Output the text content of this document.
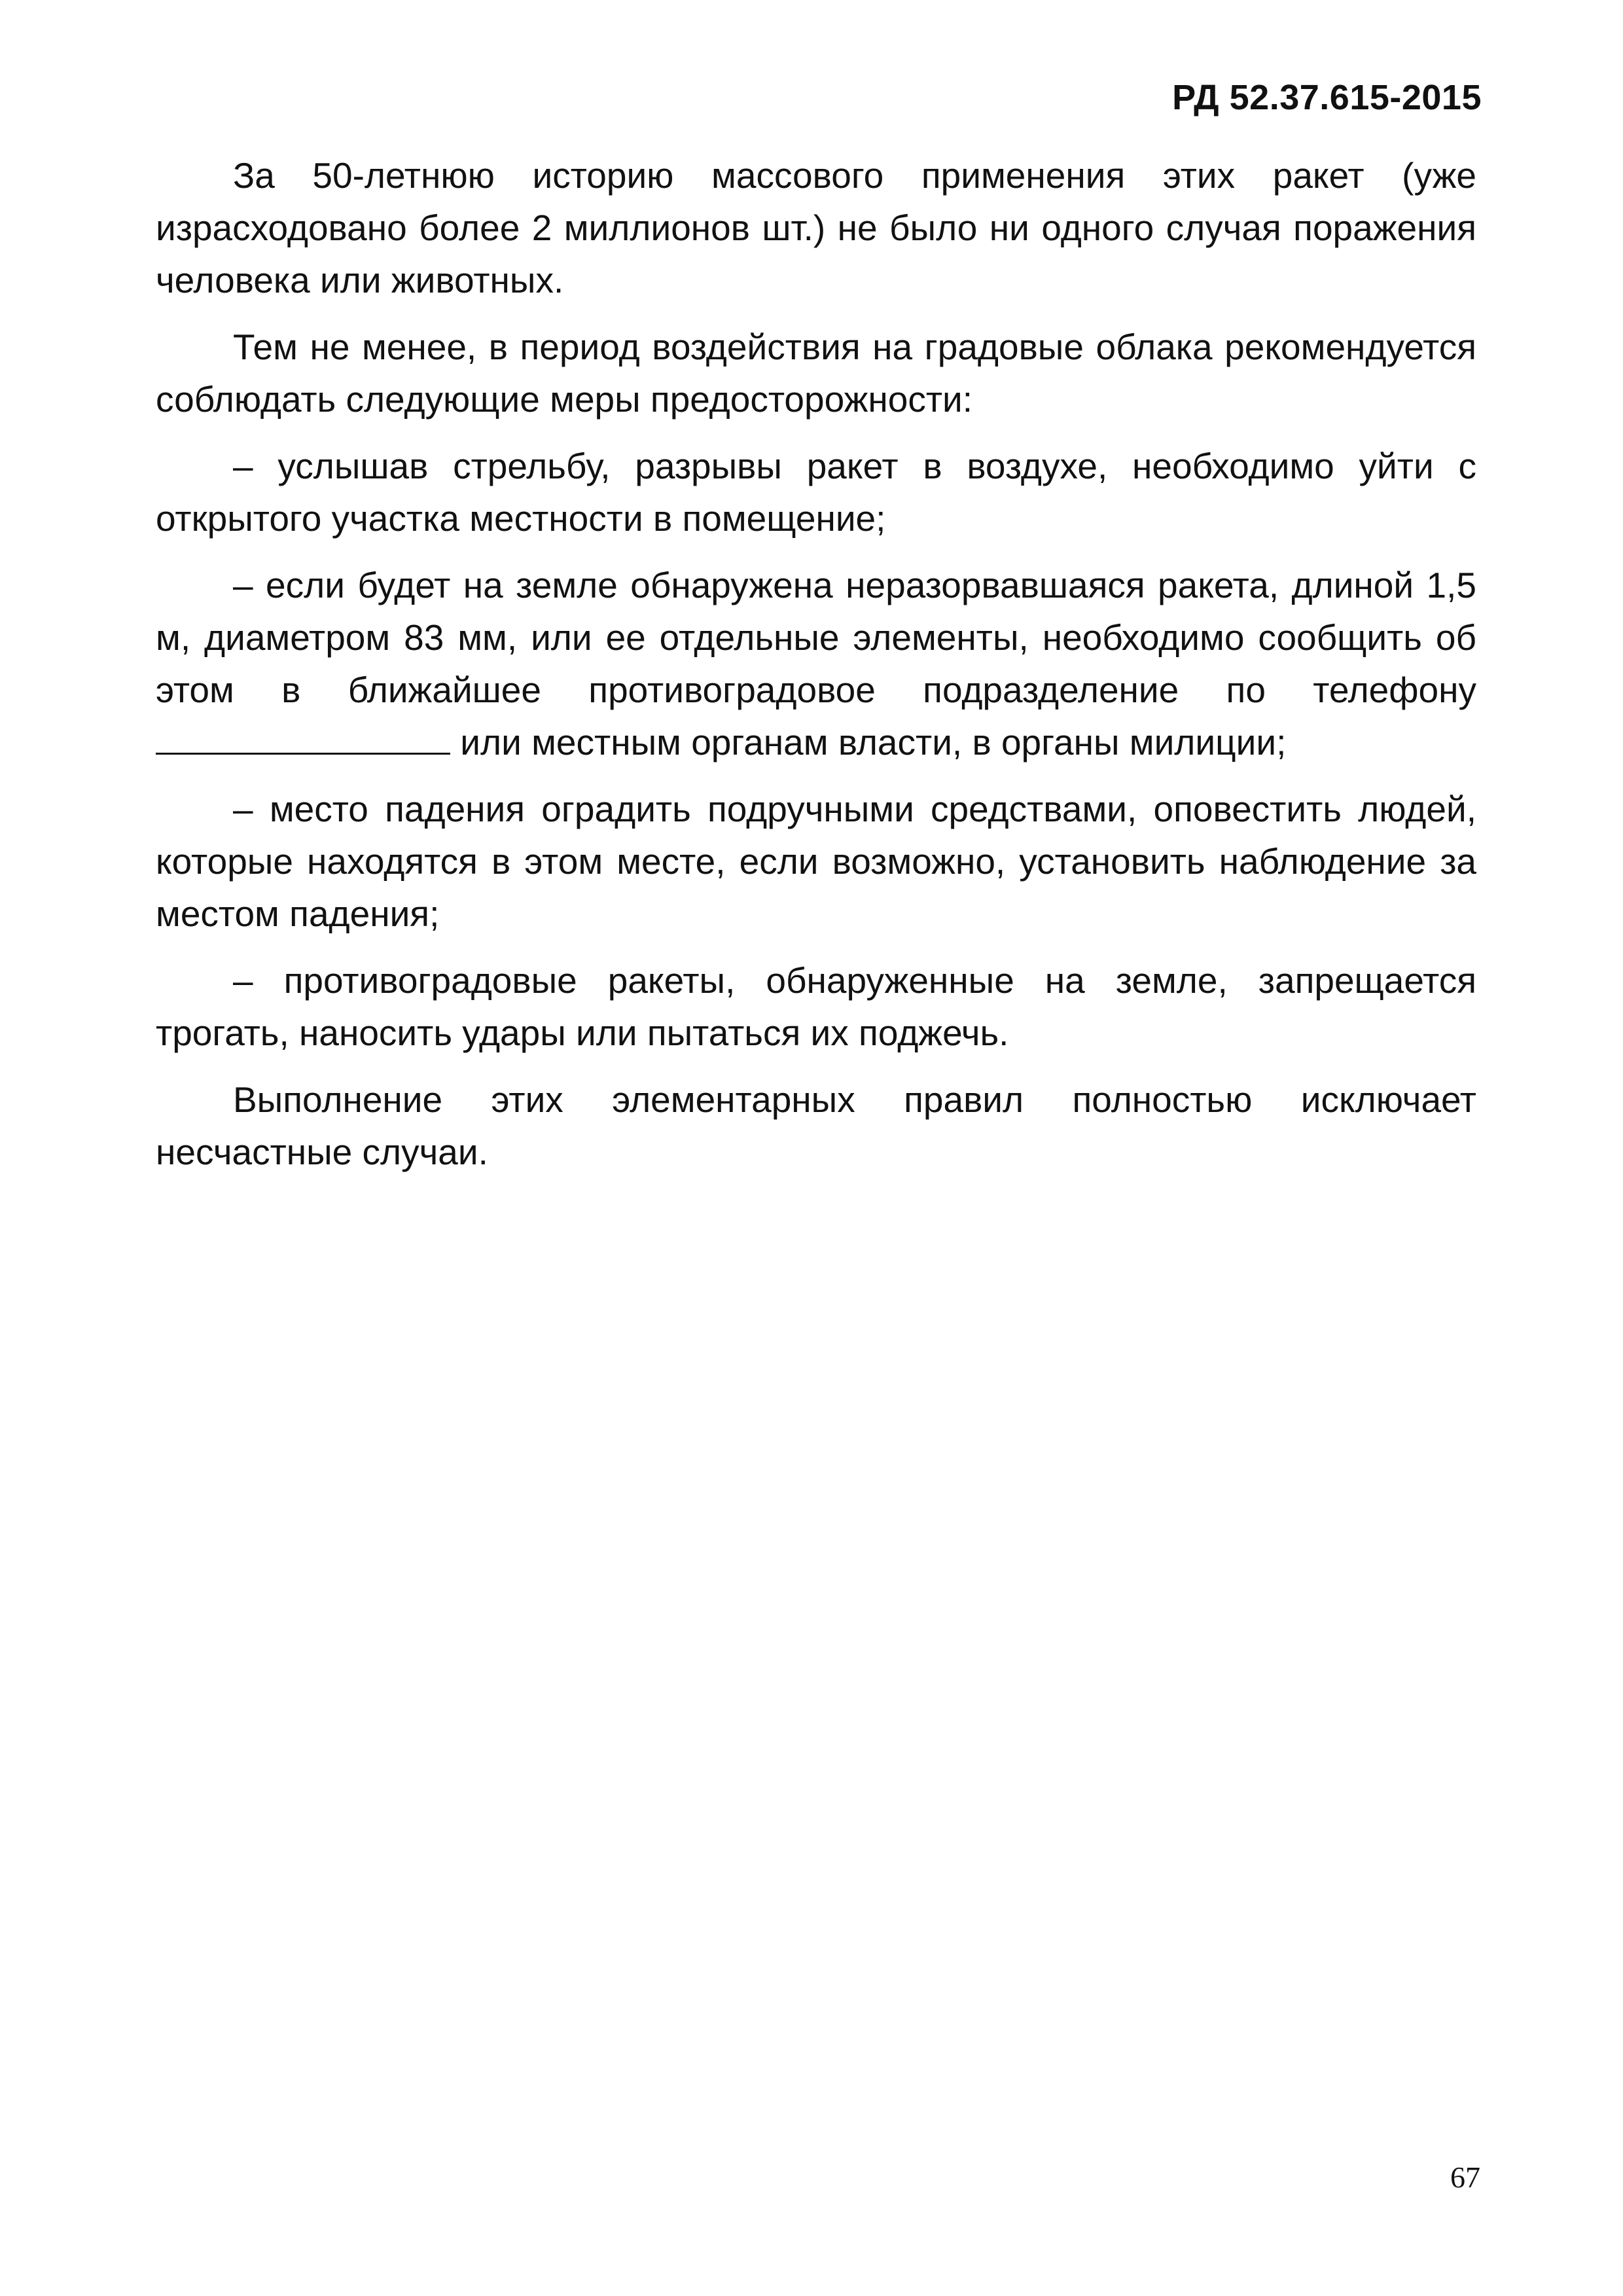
РД 52.37.615-2015

За 50-летнюю историю массового применения этих ракет (уже израсходовано более 2 миллионов шт.) не было ни одного случая поражения человека или животных.

Тем не менее, в период воздействия на градовые облака рекомендуется соблюдать следующие меры предосторожности:

– услышав стрельбу, разрывы ракет в воздухе, необходимо уйти с открытого участка местности в помещение;

– если будет на земле обнаружена неразорвавшаяся ракета, длиной 1,5 м, диаметром 83 мм, или ее отдельные элементы, необходимо сообщить об этом в ближайшее противоградовое подразделение по телефону  или местным органам власти, в органы милиции;

– место падения оградить подручными средствами, оповестить людей, которые находятся в этом месте, если возможно, установить наблюдение за местом падения;

– противоградовые ракеты, обнаруженные на земле, запрещается трогать, наносить удары или пытаться их поджечь.

Выполнение этих элементарных правил полностью исключает несчастные случаи.

67
